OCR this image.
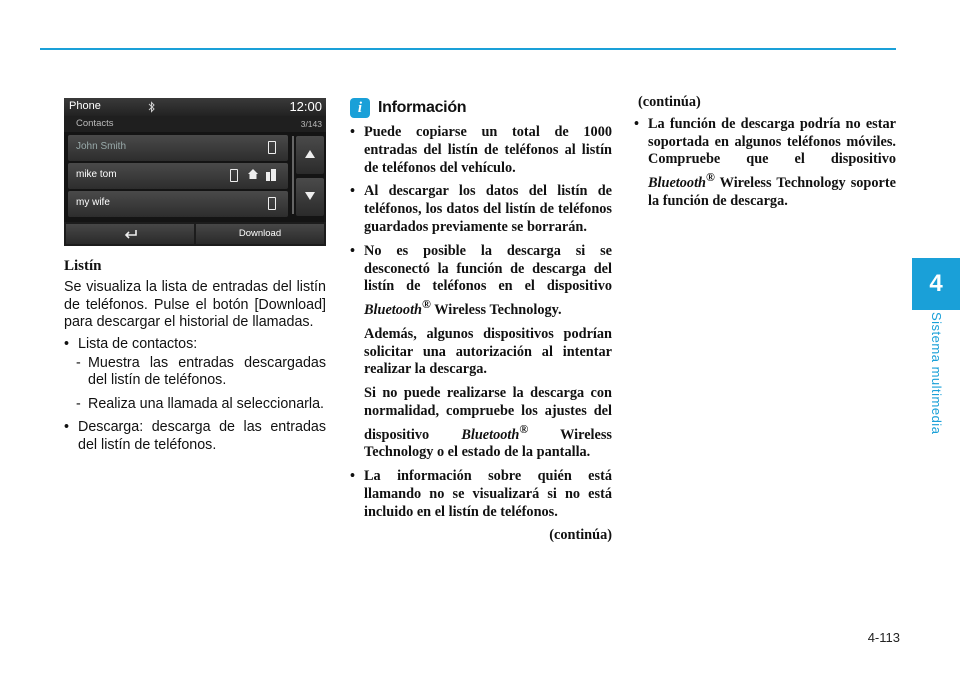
4
Sistema multimedia
4-113
Phone	12:00
Contacts	3/143
John Smith
mike tom
my wife
Download
Listín

Se visualiza la lista de entradas del listín de teléfonos. Pulse el botón [Download] para descargar el historial de llamadas.

• Lista de contactos:
- Muestra las entradas descargadas del listín de teléfonos.
- Realiza una llamada al seleccionarla.
• Descarga: descarga de las entradas del listín de teléfonos.
i Información
• Puede copiarse un total de 1000 entradas del listín de teléfonos al listín de teléfonos del vehículo.
• Al descargar los datos del listín de teléfonos, los datos del listín de teléfonos guardados previamente se borrarán.
• No es posible la descarga si se desconectó la función de descarga del listín de teléfonos en el dispositivo Bluetooth® Wireless Technology.
Además, algunos dispositivos podrían solicitar una autorización al intentar realizar la descarga.
Si no puede realizarse la descarga con normalidad, compruebe los ajustes del dispositivo Bluetooth® Wireless Technology o el estado de la pantalla.
• La información sobre quién está llamando no se visualizará si no está incluido en el listín de teléfonos.
(continúa)
(continúa)
• La función de descarga podría no estar soportada en algunos teléfonos móviles. Compruebe que el dispositivo Bluetooth® Wireless Technology soporte la función de descarga.
